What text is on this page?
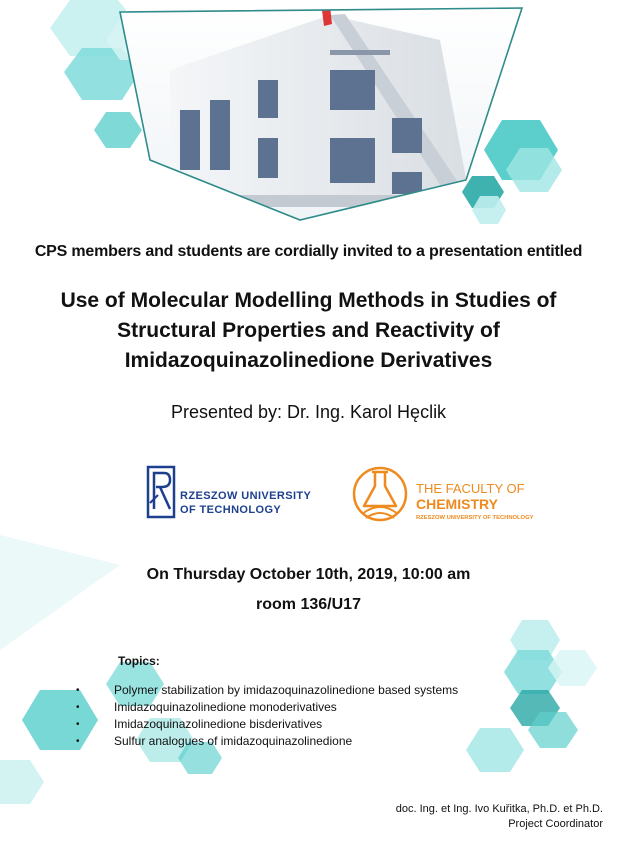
CPS members and students are cordially invited to a presentation entitled
Use of Molecular Modelling Methods in Studies of
Structural Properties and Reactivity of
Imidazoquinazolinedione Derivatives
Presented by: Dr. Ing. Karol Hęclik
RZESZOW UNIVERSITY
OF TECHNOLOGY
THE FACULTY OF
CHEMISTRY
RZESZOW UNIVERSITY OF TECHNOLOGY
On Thursday October 10th, 2019, 10:00 am
room 136/U17
Topics:
• Polymer stabilization by imidazoquinazolinedione based systems
• Imidazoquinazolinedione monoderivatives
• Imidazoquinazolinedione bisderivatives
• Sulfur analogues of imidazoquinazolinedione
doc. Ing. et Ing. Ivo Kuřitka, Ph.D. et Ph.D.
Project Coordinator
